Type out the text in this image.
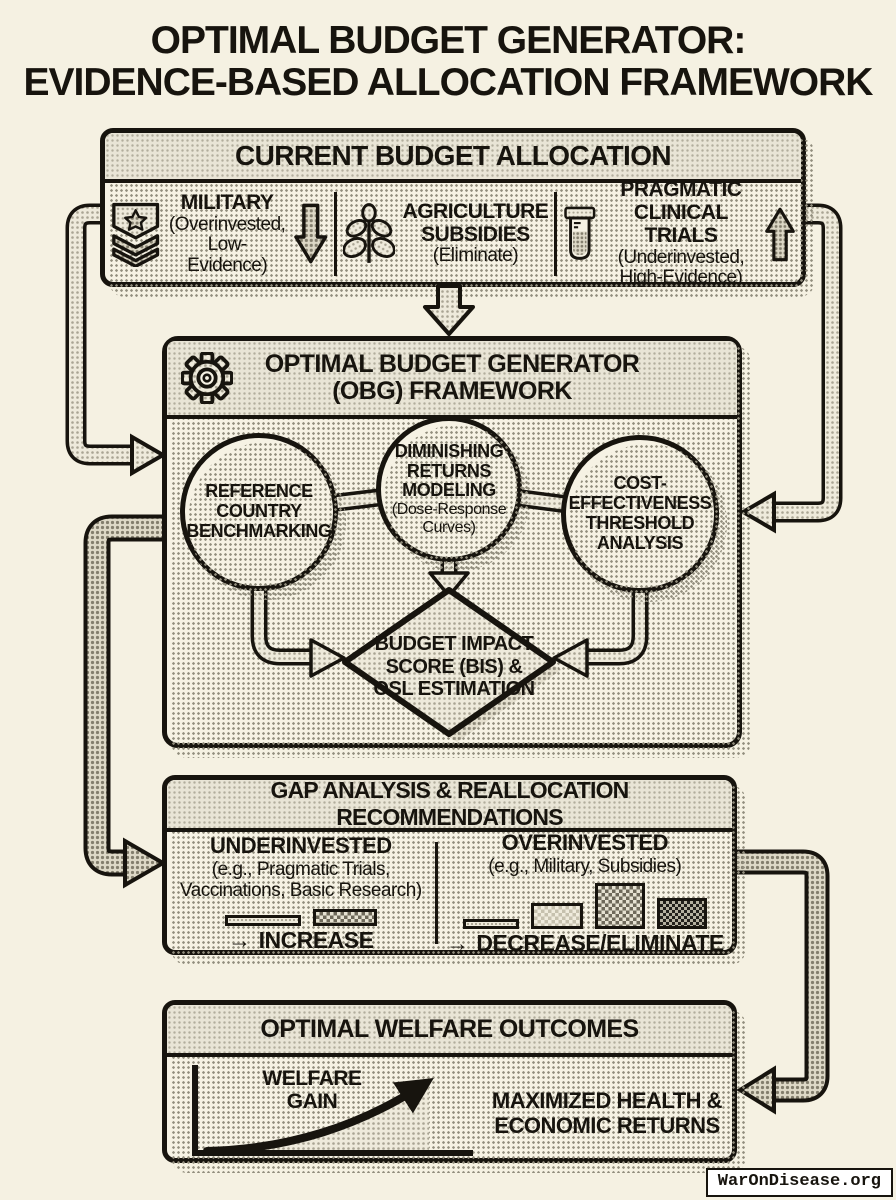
OPTIMAL BUDGET GENERATOR:
EVIDENCE-BASED ALLOCATION FRAMEWORK
CURRENT BUDGET ALLOCATION
MILITARY
(Overinvested,
Low-Evidence)
AGRICULTURE
SUBSIDIES
(Eliminate)
PRAGMATIC
CLINICAL TRIALS
(Underinvested,
High-Evidence)
OPTIMAL BUDGET GENERATOR
(OBG) FRAMEWORK
REFERENCE
COUNTRY
BENCHMARKING
DIMINISHING
RETURNS
MODELING
(Dose-Response
Curves)
COST-
EFFECTIVENESS
THRESHOLD
ANALYSIS
BUDGET IMPACT
SCORE (BIS) &
OSL ESTIMATION
GAP ANALYSIS & REALLOCATION RECOMMENDATIONS
UNDERINVESTED
(e.g., Pragmatic Trials,
Vaccinations, Basic Research)
→ INCREASE
OVERINVESTED
(e.g., Military, Subsidies)
→ DECREASE/ELIMINATE
OPTIMAL WELFARE OUTCOMES
WELFARE
GAIN	MAXIMIZED HEALTH &
ECONOMIC RETURNS
WarOnDisease.org
